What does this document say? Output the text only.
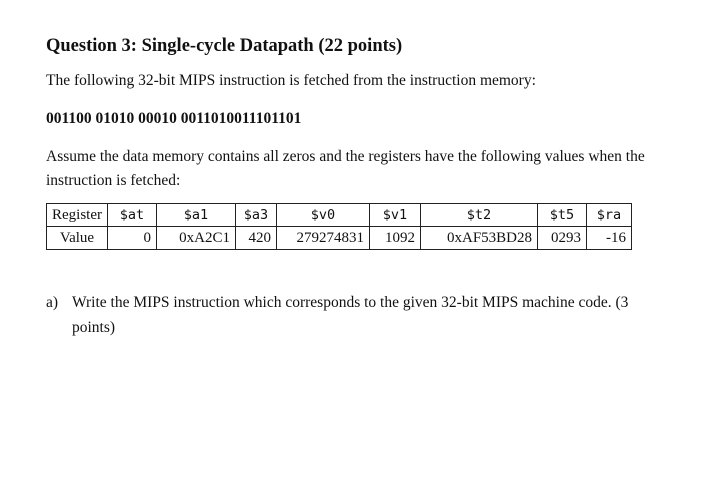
Question 3: Single-cycle Datapath (22 points)
The following 32-bit MIPS instruction is fetched from the instruction memory:
001100 01010 00010 0011010011101101
Assume the data memory contains all zeros and the registers have the following values when the instruction is fetched:
Register	$at	$a1	$a3	$v0	$v1	$t2	$t5	$ra
Value	0	0xA2C1	420	279274831	1092	0xAF53BD28	0293	-16
a) Write the MIPS instruction which corresponds to the given 32-bit MIPS machine code. (3 points)
